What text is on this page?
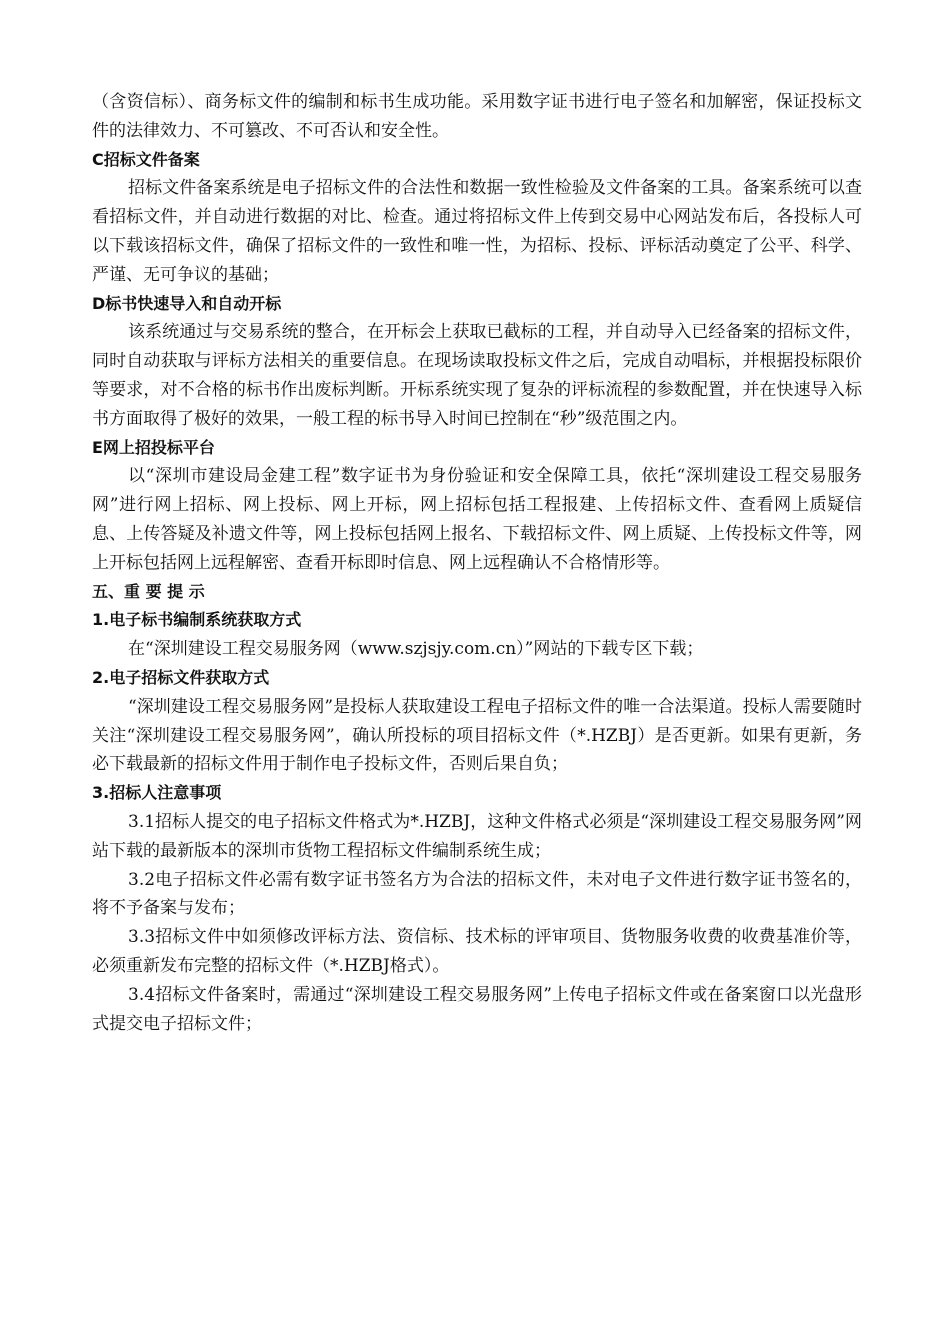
（含资信标）、商务标文件的编制和标书生成功能。采用数字证书进行电子签名和加解密，保证投标文件的法律效力、不可篡改、不可否认和安全性。

C招标文件备案

招标文件备案系统是电子招标文件的合法性和数据一致性检验及文件备案的工具。备案系统可以查看招标文件，并自动进行数据的对比、检查。通过将招标文件上传到交易中心网站发布后，各投标人可以下载该招标文件，确保了招标文件的一致性和唯一性，为招标、投标、评标活动奠定了公平、科学、严谨、无可争议的基础；

D标书快速导入和自动开标

该系统通过与交易系统的整合，在开标会上获取已截标的工程，并自动导入已经备案的招标文件，同时自动获取与评标方法相关的重要信息。在现场读取投标文件之后，完成自动唱标，并根据投标限价等要求，对不合格的标书作出废标判断。开标系统实现了复杂的评标流程的参数配置，并在快速导入标书方面取得了极好的效果，一般工程的标书导入时间已控制在“秒”级范围之内。

E网上招投标平台

以“深圳市建设局金建工程”数字证书为身份验证和安全保障工具，依托“深圳建设工程交易服务网”进行网上招标、网上投标、网上开标，网上招标包括工程报建、上传招标文件、查看网上质疑信息、上传答疑及补遗文件等，网上投标包括网上报名、下载招标文件、网上质疑、上传投标文件等，网上开标包括网上远程解密、查看开标即时信息、网上远程确认不合格情形等。

五、重 要 提 示

1.电子标书编制系统获取方式

在“深圳建设工程交易服务网（www.szjsjy.com.cn）”网站的下载专区下载；

2.电子招标文件获取方式

“深圳建设工程交易服务网”是投标人获取建设工程电子招标文件的唯一合法渠道。投标人需要随时关注“深圳建设工程交易服务网”，确认所投标的项目招标文件（*.HZBJ）是否更新。如果有更新，务必下载最新的招标文件用于制作电子投标文件，否则后果自负；

3.招标人注意事项

3.1招标人提交的电子招标文件格式为*.HZBJ，这种文件格式必须是“深圳建设工程交易服务网”网站下载的最新版本的深圳市货物工程招标文件编制系统生成；

3.2电子招标文件必需有数字证书签名方为合法的招标文件，未对电子文件进行数字证书签名的，将不予备案与发布；

3.3招标文件中如须修改评标方法、资信标、技术标的评审项目、货物服务收费的收费基准价等，必须重新发布完整的招标文件（*.HZBJ格式）。

3.4招标文件备案时，需通过“深圳建设工程交易服务网”上传电子招标文件或在备案窗口以光盘形式提交电子招标文件；
